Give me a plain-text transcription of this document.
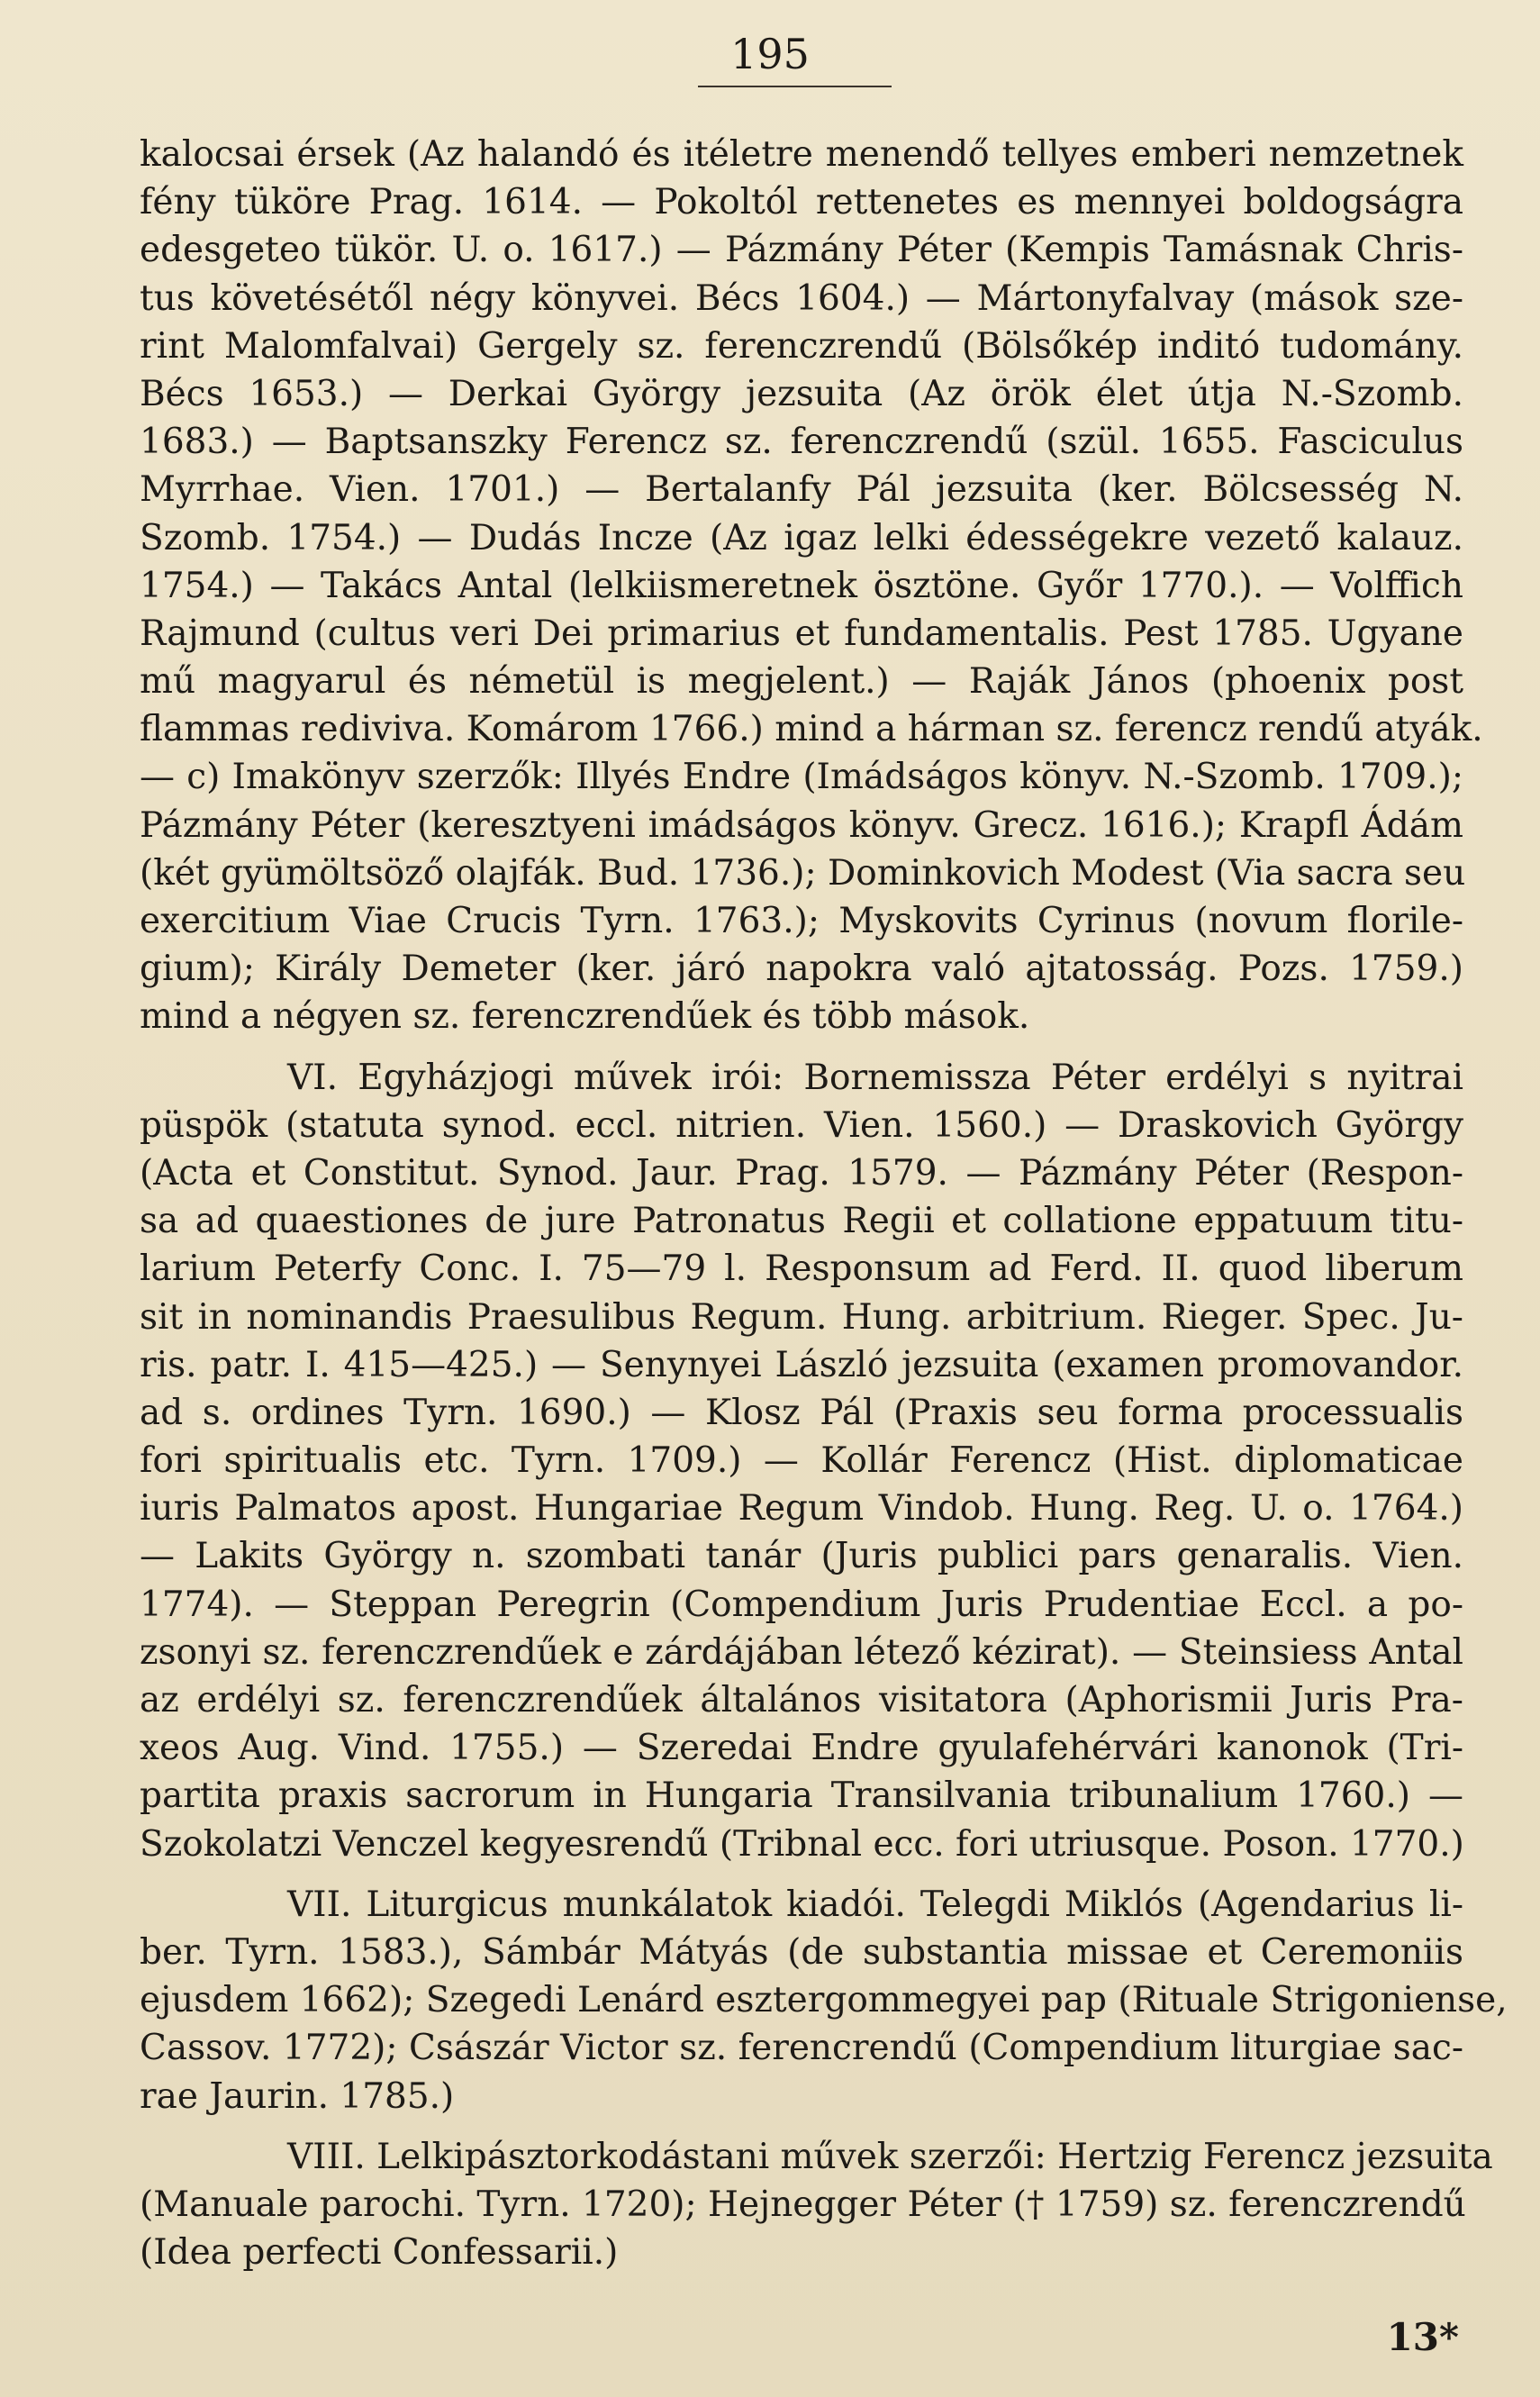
195
kalocsai érsek (Az halandó és itéletre menendő tellyes emberi nemzetnek
fény tüköre Prag. 1614. — Pokoltól rettenetes es mennyei boldogságra
edesgeteo tükör. U. o. 1617.) — Pázmány Péter (Kempis Tamásnak Chris-
tus követésétől négy könyvei. Bécs 1604.) — Mártonyfalvay (mások sze-
rint Malomfalvai) Gergely sz. ferenczrendű (Bölsőkép inditó tudomány.
Bécs 1653.) — Derkai György jezsuita (Az örök élet útja N.-Szomb.
1683.) — Baptsanszky Ferencz sz. ferenczrendű (szül. 1655. Fasciculus
Myrrhae. Vien. 1701.) — Bertalanfy Pál jezsuita (ker. Bölcsesség N.
Szomb. 1754.) — Dudás Incze (Az igaz lelki édességekre vezető kalauz.
1754.) — Takács Antal (lelkiismeretnek ösztöne. Győr 1770.). — Volffich
Rajmund (cultus veri Dei primarius et fundamentalis. Pest 1785. Ugyane
mű magyarul és németül is megjelent.) — Raják János (phoenix post
flammas rediviva. Komárom 1766.) mind a hárman sz. ferencz rendű atyák.
— c) Imakönyv szerzők: Illyés Endre (Imádságos könyv. N.-Szomb. 1709.);
Pázmány Péter (keresztyeni imádságos könyv. Grecz. 1616.); Krapfl Ádám
(két gyümöltsöző olajfák. Bud. 1736.); Dominkovich Modest (Via sacra seu
exercitium Viae Crucis Tyrn. 1763.); Myskovits Cyrinus (novum florile-
gium); Király Demeter (ker. járó napokra való ajtatosság. Pozs. 1759.)
mind a négyen sz. ferenczrendűek és több mások.
VI. Egyházjogi művek irói: Bornemissza Péter erdélyi s nyitrai
püspök (statuta synod. eccl. nitrien. Vien. 1560.) — Draskovich György
(Acta et Constitut. Synod. Jaur. Prag. 1579. — Pázmány Péter (Respon-
sa ad quaestiones de jure Patronatus Regii et collatione eppatuum titu-
larium Peterfy Conc. I. 75—79 l. Responsum ad Ferd. II. quod liberum
sit in nominandis Praesulibus Regum. Hung. arbitrium. Rieger. Spec. Ju-
ris. patr. I. 415—425.) — Senynyei László jezsuita (examen promovandor.
ad s. ordines Tyrn. 1690.) — Klosz Pál (Praxis seu forma processualis
fori spiritualis etc. Tyrn. 1709.) — Kollár Ferencz (Hist. diplomaticae
iuris Palmatos apost. Hungariae Regum Vindob. Hung. Reg. U. o. 1764.)
— Lakits György n. szombati tanár (Juris publici pars genaralis. Vien.
1774). — Steppan Peregrin (Compendium Juris Prudentiae Eccl. a po-
zsonyi sz. ferenczrendűek e zárdájában létező kézirat). — Steinsiess Antal
az erdélyi sz. ferenczrendűek általános visitatora (Aphorismii Juris Pra-
xeos Aug. Vind. 1755.) — Szeredai Endre gyulafehérvári kanonok (Tri-
partita praxis sacrorum in Hungaria Transilvania tribunalium 1760.) —
Szokolatzi Venczel kegyesrendű (Tribnal ecc. fori utriusque. Poson. 1770.)
VII. Liturgicus munkálatok kiadói. Telegdi Miklós (Agendarius li-
ber. Tyrn. 1583.), Sámbár Mátyás (de substantia missae et Ceremoniis
ejusdem 1662); Szegedi Lenárd esztergommegyei pap (Rituale Strigoniense,
Cassov. 1772); Császár Victor sz. ferencrendű (Compendium liturgiae sac-
rae Jaurin. 1785.)
VIII. Lelkipásztorkodástani művek szerzői: Hertzig Ferencz jezsuita
(Manuale parochi. Tyrn. 1720); Hejnegger Péter († 1759) sz. ferenczrendű
(Idea perfecti Confessarii.)
13*
